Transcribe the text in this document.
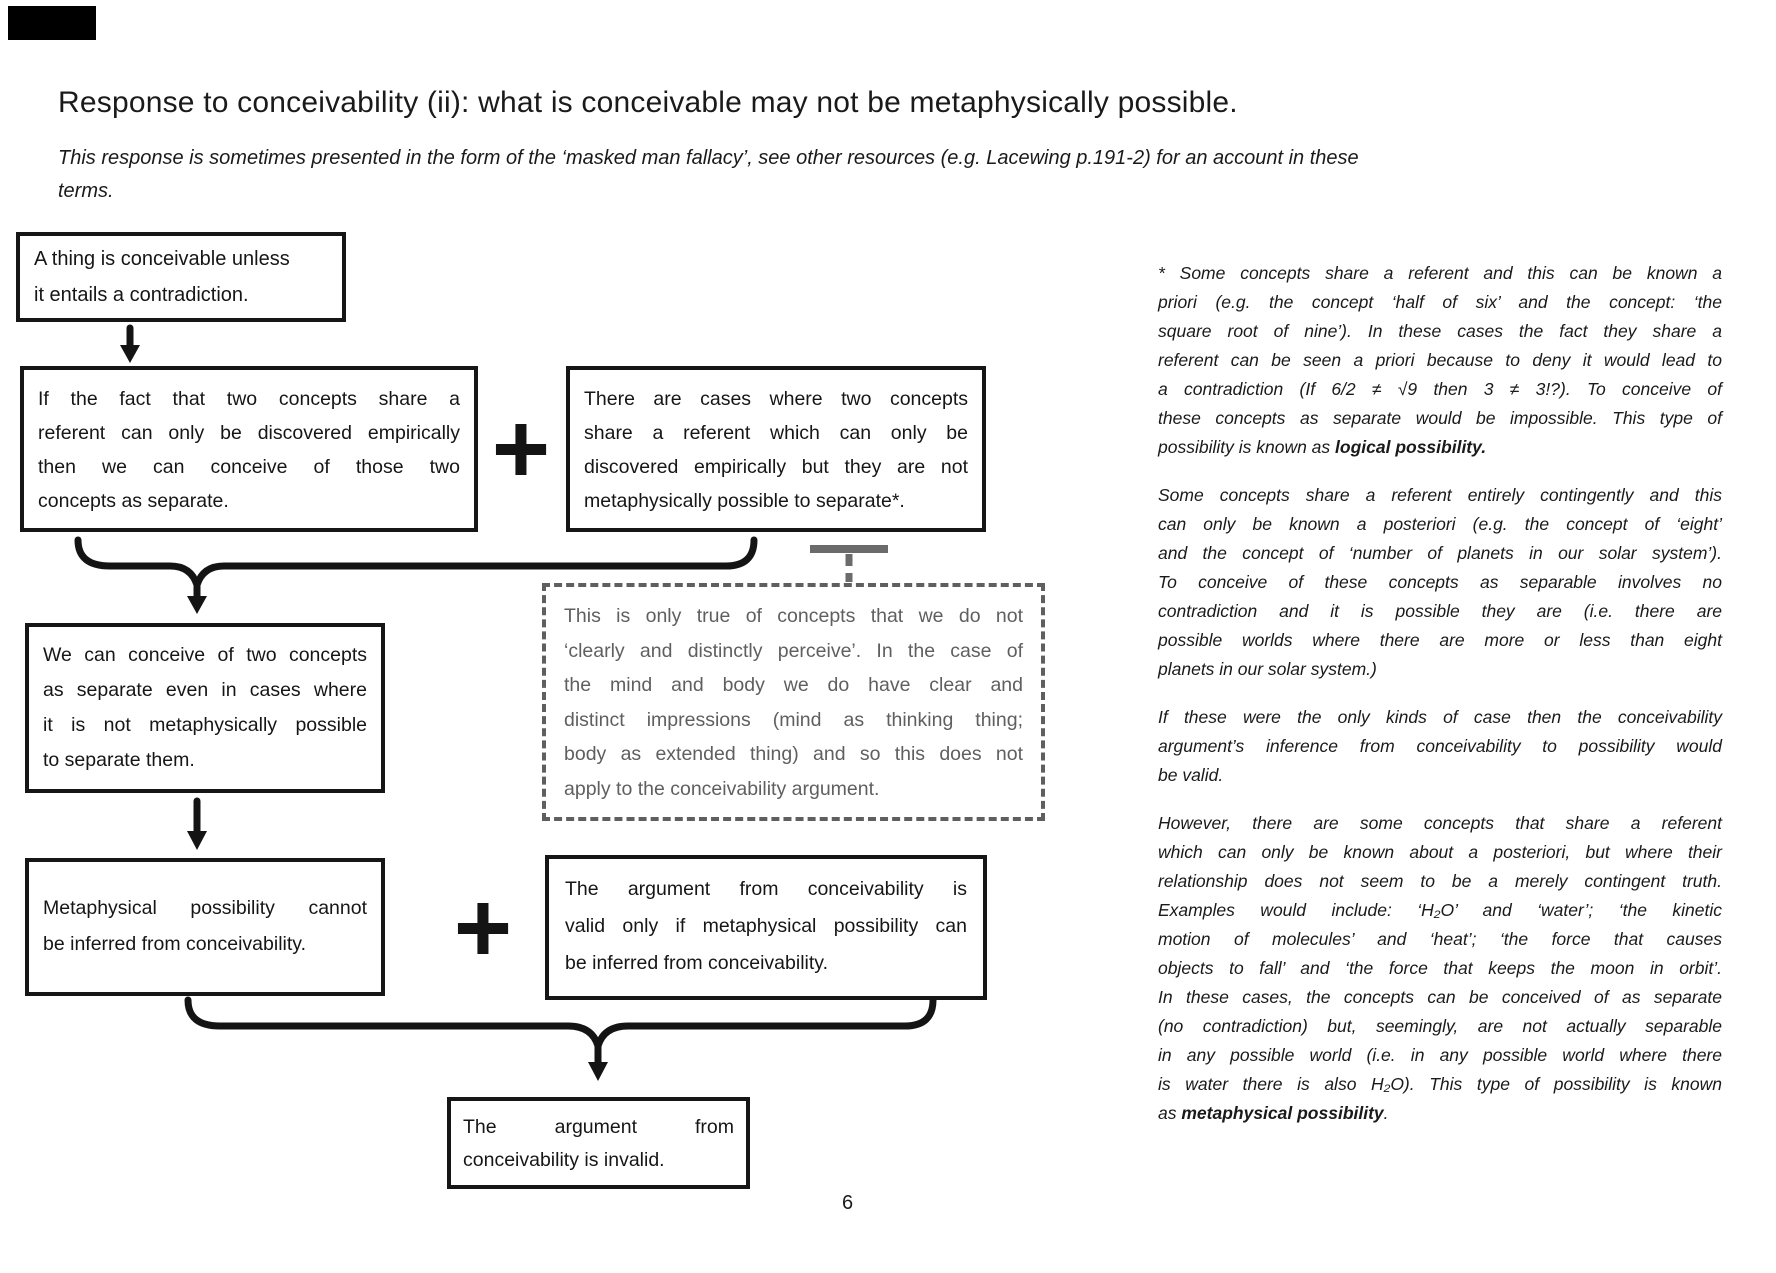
Response to conceivability (ii): what is conceivable may not be metaphysically possible.
This response is sometimes presented in the form of the ‘masked man fallacy’, see other resources (e.g. Lacewing p.191-2) for an account in these
terms.
A thing is conceivable unless
it entails a contradiction.
If the fact that two concepts share a
referent can only be discovered empirically
then we can conceive of those two
concepts as separate.	+	There are cases where two concepts
share a referent which can only be
discovered empirically but they are not
metaphysically possible to separate*.
This is only true of concepts that we do not
‘clearly and distinctly perceive’. In the case of
the mind and body we do have clear and
distinct impressions (mind as thinking thing;
body as extended thing) and so this does not
apply to the conceivability argument.
We can conceive of two concepts
as separate even in cases where
it is not metaphysically possible
to separate them.
Metaphysical possibility cannot
be inferred from conceivability.	+	The argument from conceivability is
valid only if metaphysical possibility can
be inferred from conceivability.
The argument from
conceivability is invalid.

* Some concepts share a referent and this can be known a
priori (e.g. the concept ‘half of six’ and the concept: ‘the
square root of nine’). In these cases the fact they share a
referent can be seen a priori because to deny it would lead to
a contradiction (If 6/2 ≠ √9 then 3 ≠ 3!?). To conceive of
these concepts as separate would be impossible. This type of
possibility is known as logical possibility.

Some concepts share a referent entirely contingently and this
can only be known a posteriori (e.g. the concept of ‘eight’
and the concept of ‘number of planets in our solar system’).
To conceive of these concepts as separable involves no
contradiction and it is possible they are (i.e. there are
possible worlds where there are more or less than eight
planets in our solar system.)

If these were the only kinds of case then the conceivability
argument’s inference from conceivability to possibility would
be valid.

However, there are some concepts that share a referent
which can only be known about a posteriori, but where their
relationship does not seem to be a merely contingent truth.
Examples would include: ‘H₂O’ and ‘water’; ‘the kinetic
motion of molecules’ and ‘heat’; ‘the force that causes
objects to fall’ and ‘the force that keeps the moon in orbit’.
In these cases, the concepts can be conceived of as separate
(no contradiction) but, seemingly, are not actually separable
in any possible world (i.e. in any possible world where there
is water there is also H₂O). This type of possibility is known
as metaphysical possibility.

6
